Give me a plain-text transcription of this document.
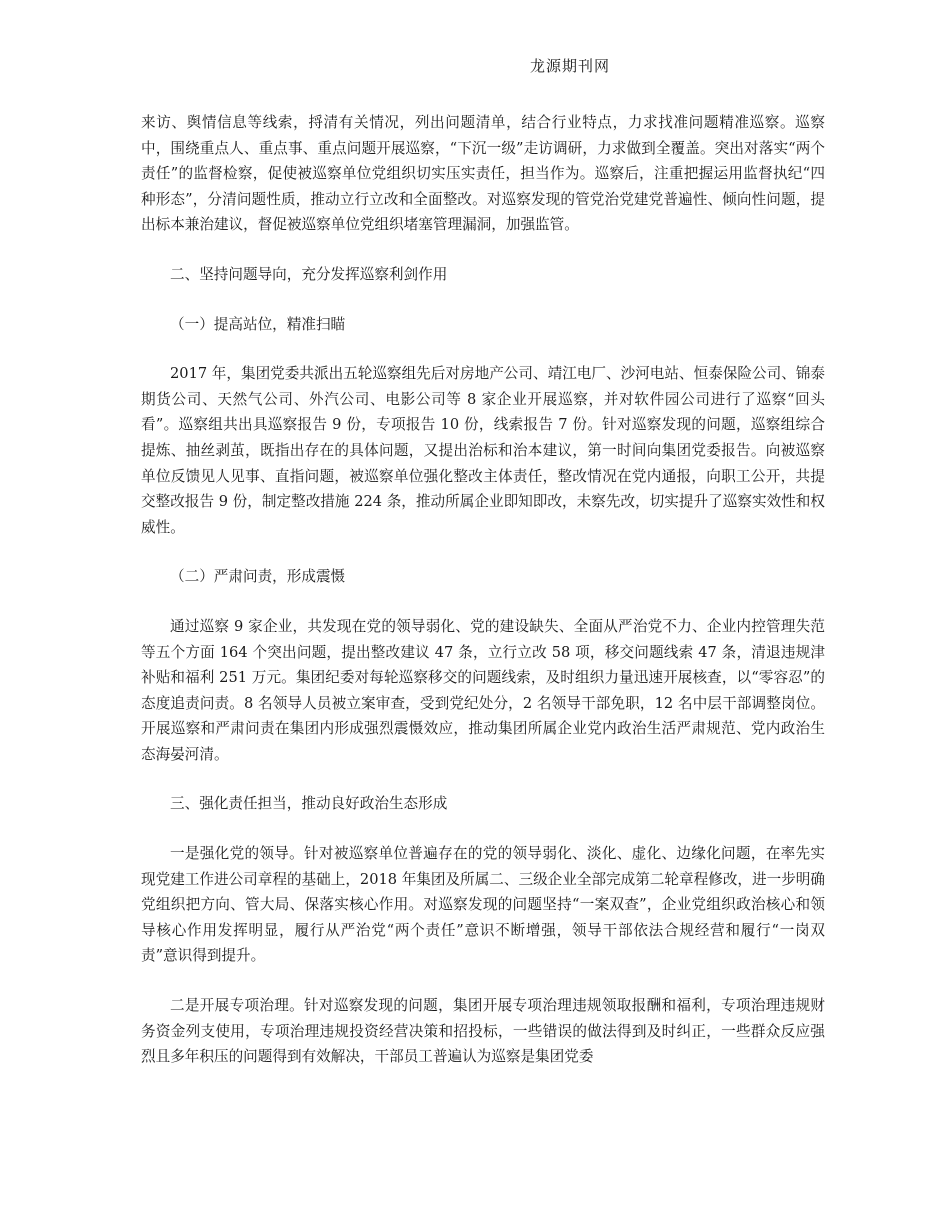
龙源期刊网

来访、舆情信息等线索，捋清有关情况，列出问题清单，结合行业特点，力求找准问题精准巡察。巡察中，围绕重点人、重点事、重点问题开展巡察，“下沉一级”走访调研，力求做到全覆盖。突出对落实“两个责任”的监督检察，促使被巡察单位党组织切实压实责任，担当作为。巡察后，注重把握运用监督执纪“四种形态”，分清问题性质，推动立行立改和全面整改。对巡察发现的管党治党建党普遍性、倾向性问题，提出标本兼治建议，督促被巡察单位党组织堵塞管理漏洞，加强监管。

二、坚持问题导向，充分发挥巡察利剑作用

（一）提高站位，精准扫瞄

2017 年，集团党委共派出五轮巡察组先后对房地产公司、靖江电厂、沙河电站、恒泰保险公司、锦泰期货公司、天然气公司、外汽公司、电影公司等 8 家企业开展巡察，并对软件园公司进行了巡察“回头看”。巡察组共出具巡察报告 9 份，专项报告 10 份，线索报告 7 份。针对巡察发现的问题，巡察组综合提炼、抽丝剥茧，既指出存在的具体问题，又提出治标和治本建议，第一时间向集团党委报告。向被巡察单位反馈见人见事、直指问题，被巡察单位强化整改主体责任，整改情况在党内通报，向职工公开，共提交整改报告 9 份，制定整改措施 224 条，推动所属企业即知即改，未察先改，切实提升了巡察实效性和权威性。

（二）严肃问责，形成震慑

通过巡察 9 家企业，共发现在党的领导弱化、党的建设缺失、全面从严治党不力、企业内控管理失范等五个方面 164 个突出问题，提出整改建议 47 条，立行立改 58 项，移交问题线索 47 条，清退违规津补贴和福利 251 万元。集团纪委对每轮巡察移交的问题线索，及时组织力量迅速开展核查，以“零容忍”的态度追责问责。8 名领导人员被立案审查，受到党纪处分，2 名领导干部免职，12 名中层干部调整岗位。开展巡察和严肃问责在集团内形成强烈震慑效应，推动集团所属企业党内政治生活严肃规范、党内政治生态海晏河清。

三、强化责任担当，推动良好政治生态形成

一是强化党的领导。针对被巡察单位普遍存在的党的领导弱化、淡化、虚化、边缘化问题，在率先实现党建工作进公司章程的基础上，2018 年集团及所属二、三级企业全部完成第二轮章程修改，进一步明确党组织把方向、管大局、保落实核心作用。对巡察发现的问题坚持“一案双查”，企业党组织政治核心和领导核心作用发挥明显，履行从严治党“两个责任”意识不断增强，领导干部依法合规经营和履行“一岗双责”意识得到提升。

二是开展专项治理。针对巡察发现的问题，集团开展专项治理违规领取报酬和福利，专项治理违规财务资金列支使用，专项治理违规投资经营决策和招投标，一些错误的做法得到及时纠正，一些群众反应强烈且多年积压的问题得到有效解决，干部员工普遍认为巡察是集团党委
